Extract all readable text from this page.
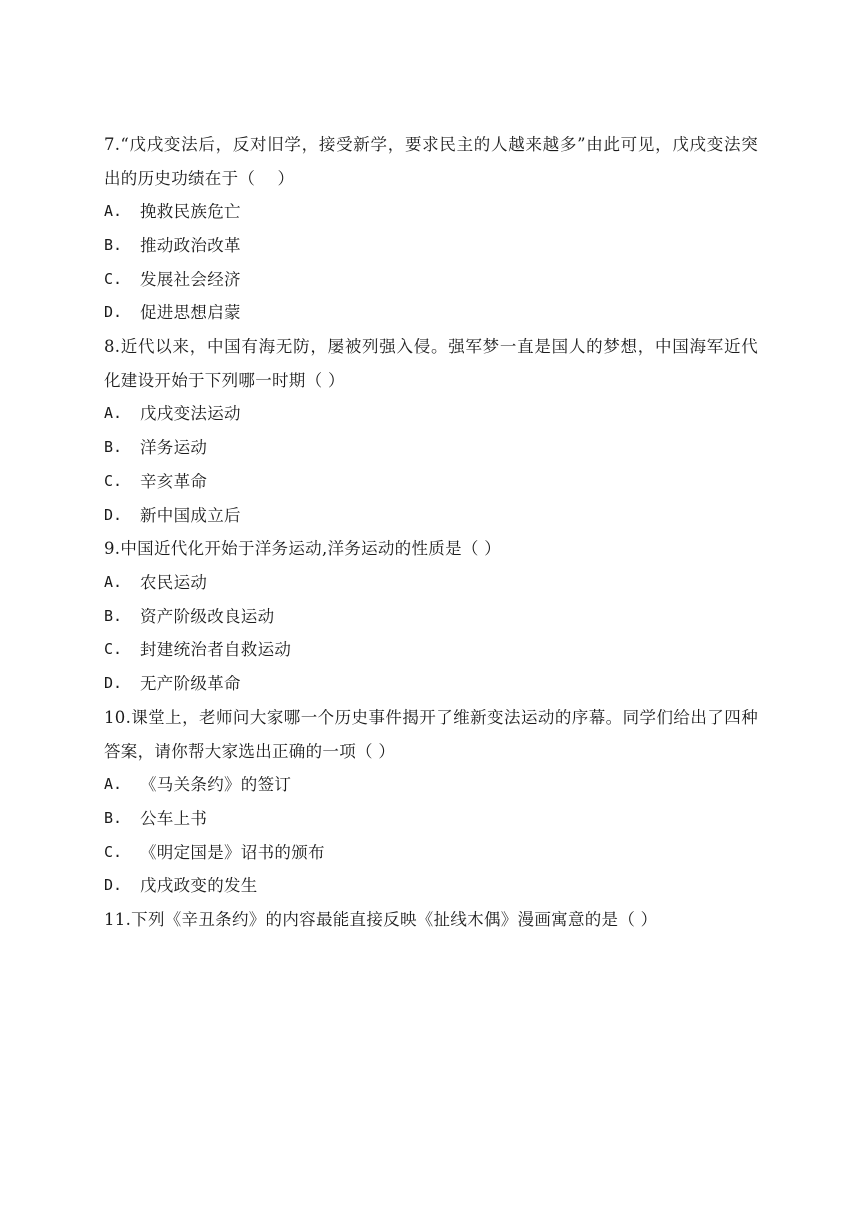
7.“戊戌变法后，反对旧学，接受新学，要求民主的人越来越多”由此可见，戊戌变法突出的历史功绩在于（　 ）

A.	挽救民族危亡
B.	推动政治改革
C.	发展社会经济
D.	促进思想启蒙

8.近代以来，中国有海无防，屡被列强入侵。强军梦一直是国人的梦想，中国海军近代化建设开始于下列哪一时期（ ）

A.	戊戌变法运动
B.	洋务运动
C.	辛亥革命
D.	新中国成立后

9.中国近代化开始于洋务运动,洋务运动的性质是（ ）

A.	农民运动
B.	资产阶级改良运动
C.	封建统治者自救运动
D.	无产阶级革命

10.课堂上，老师问大家哪一个历史事件揭开了维新变法运动的序幕。同学们给出了四种答案，请你帮大家选出正确的一项（ ）

A.	《马关条约》的签订
B.	公车上书
C.	《明定国是》诏书的颁布
D.	戊戌政变的发生

11.下列《辛丑条约》的内容最能直接反映《扯线木偶》漫画寓意的是（ ）
